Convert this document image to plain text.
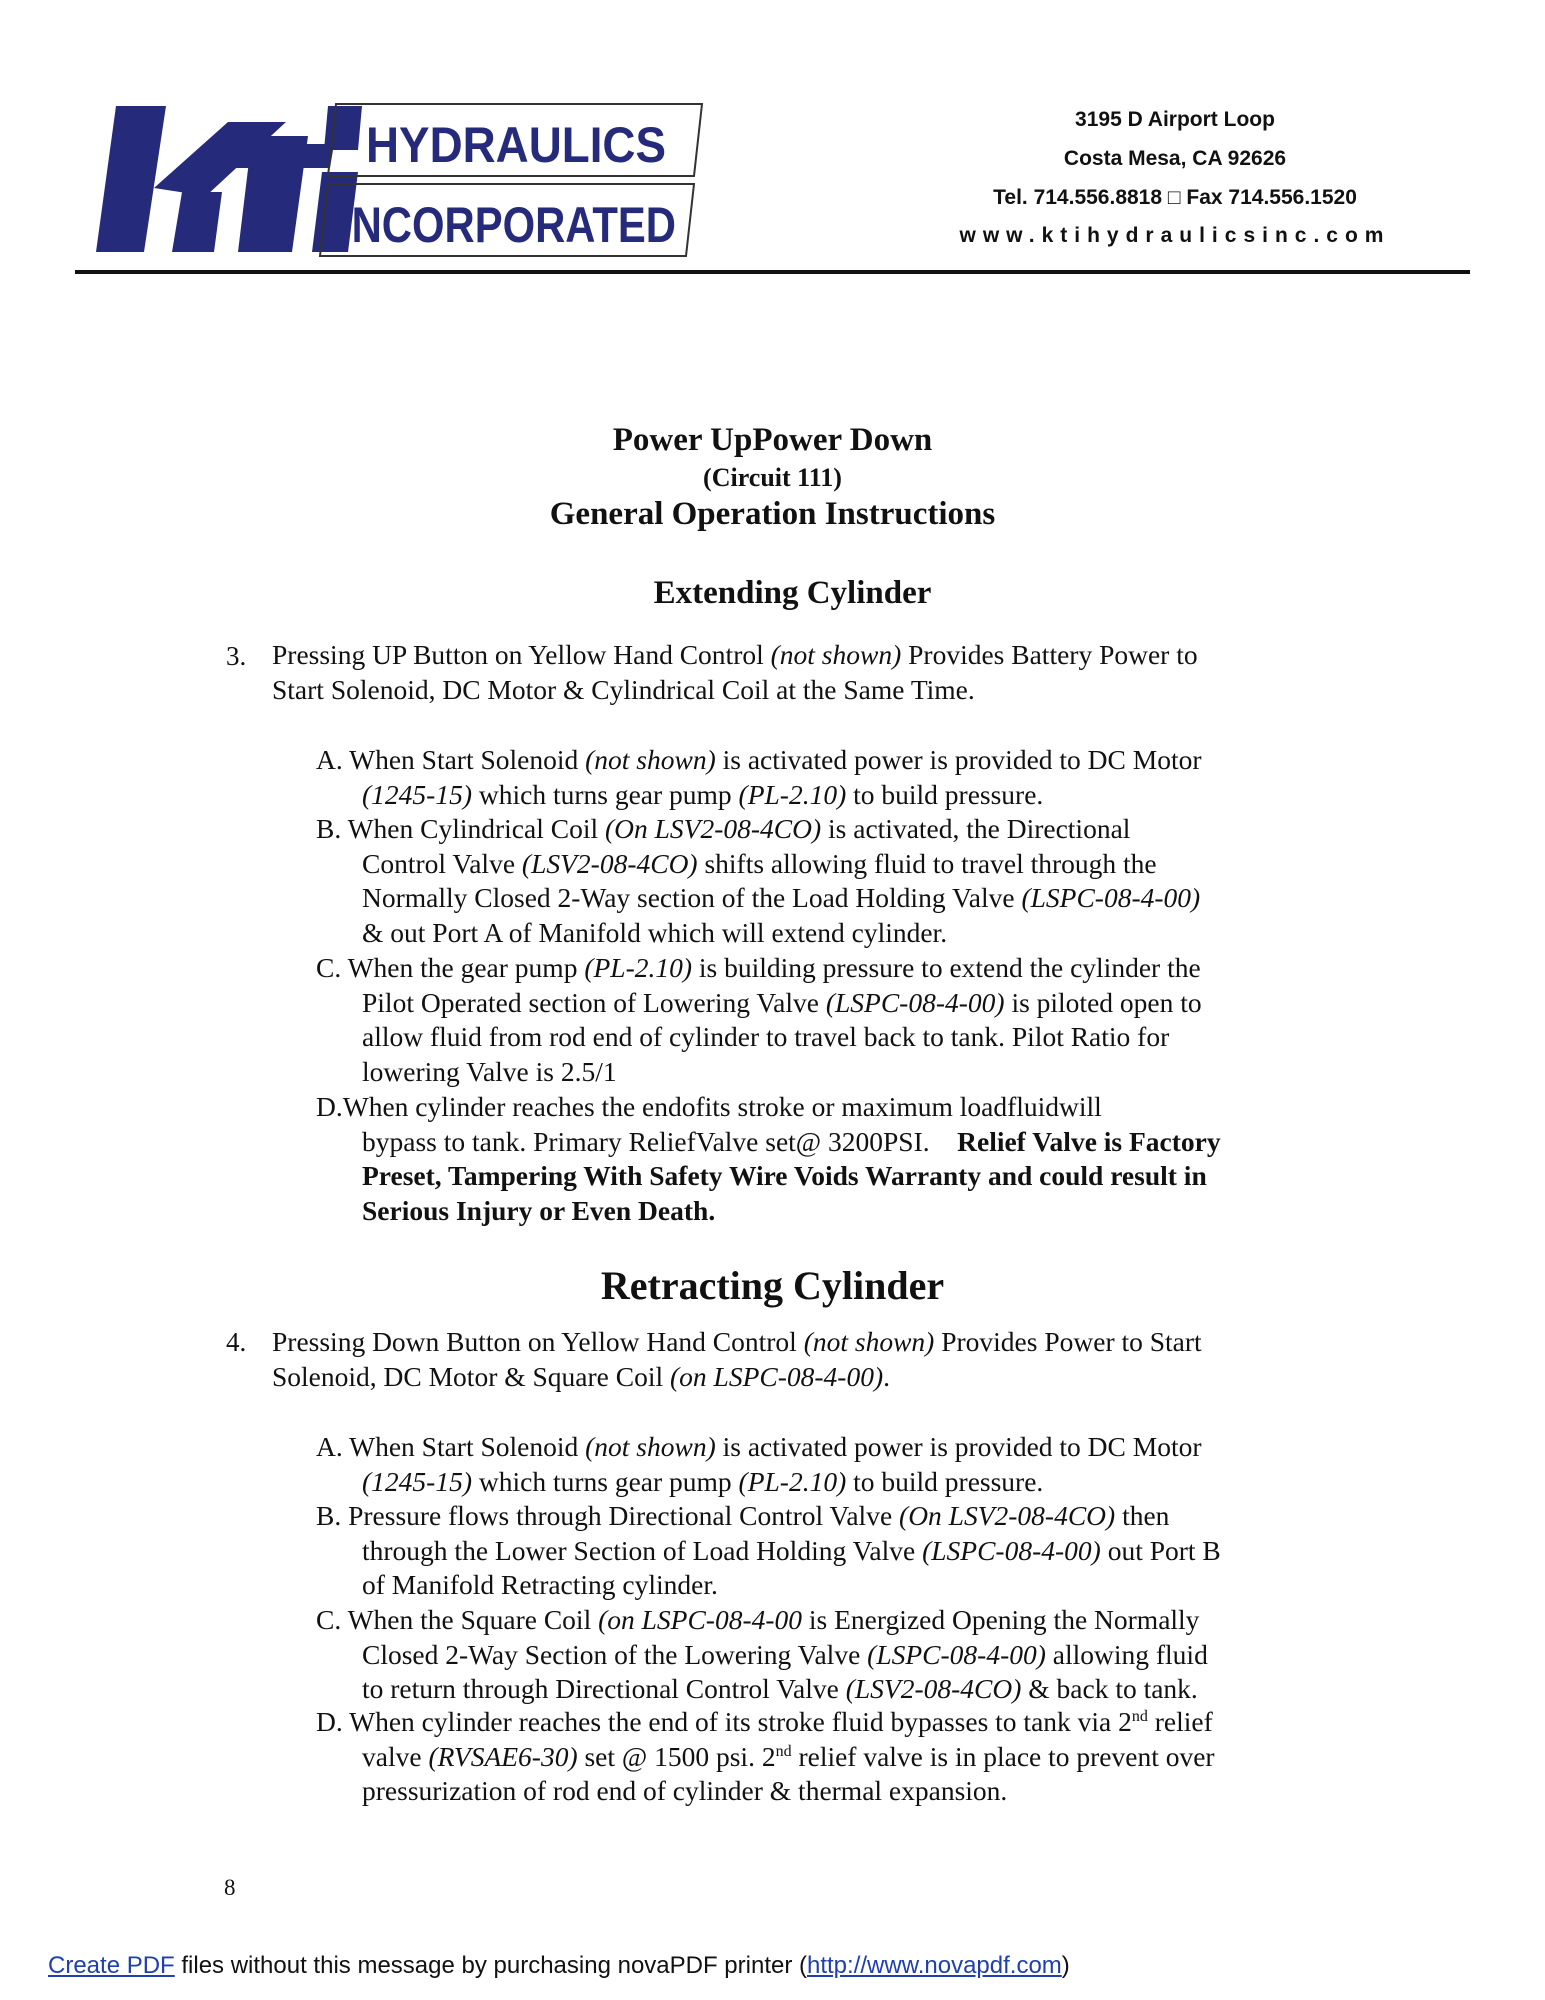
HYDRAULICS
INCORPORATED
3195 D Airport Loop
Costa Mesa, CA 92626
Tel. 714.556.8818 □ Fax 714.556.1520
www.ktihydraulicsinc.com
Power UpPower Down
(Circuit 111)
General Operation Instructions
Extending Cylinder
3. Pressing UP Button on Yellow Hand Control (not shown) Provides Battery Power to
Start Solenoid, DC Motor & Cylindrical Coil at the Same Time.
A. When Start Solenoid (not shown) is activated power is provided to DC Motor
(1245-15) which turns gear pump (PL-2.10) to build pressure.
B. When Cylindrical Coil (On LSV2-08-4CO) is activated, the Directional
Control Valve (LSV2-08-4CO) shifts allowing fluid to travel through the
Normally Closed 2-Way section of the Load Holding Valve (LSPC-08-4-00)
& out Port A of Manifold which will extend cylinder.
C. When the gear pump (PL-2.10) is building pressure to extend the cylinder the
Pilot Operated section of Lowering Valve (LSPC-08-4-00) is piloted open to
allow fluid from rod end of cylinder to travel back to tank. Pilot Ratio for
lowering Valve is 2.5/1
D.When cylinder reaches the endofits stroke or maximum loadfluidwill
bypass to tank. Primary ReliefValve set@ 3200PSI. Relief Valve is Factory
Preset, Tampering With Safety Wire Voids Warranty and could result in
Serious Injury or Even Death.
Retracting Cylinder
4. Pressing Down Button on Yellow Hand Control (not shown) Provides Power to Start
Solenoid, DC Motor & Square Coil (on LSPC-08-4-00).
A. When Start Solenoid (not shown) is activated power is provided to DC Motor
(1245-15) which turns gear pump (PL-2.10) to build pressure.
B. Pressure flows through Directional Control Valve (On LSV2-08-4CO) then
through the Lower Section of Load Holding Valve (LSPC-08-4-00) out Port B
of Manifold Retracting cylinder.
C. When the Square Coil (on LSPC-08-4-00 is Energized Opening the Normally
Closed 2-Way Section of the Lowering Valve (LSPC-08-4-00) allowing fluid
to return through Directional Control Valve (LSV2-08-4CO) & back to tank.
D. When cylinder reaches the end of its stroke fluid bypasses to tank via 2nd relief
valve (RVSAE6-30) set @ 1500 psi. 2nd relief valve is in place to prevent over
pressurization of rod end of cylinder & thermal expansion.
8
Create PDF files without this message by purchasing novaPDF printer (http://www.novapdf.com)
